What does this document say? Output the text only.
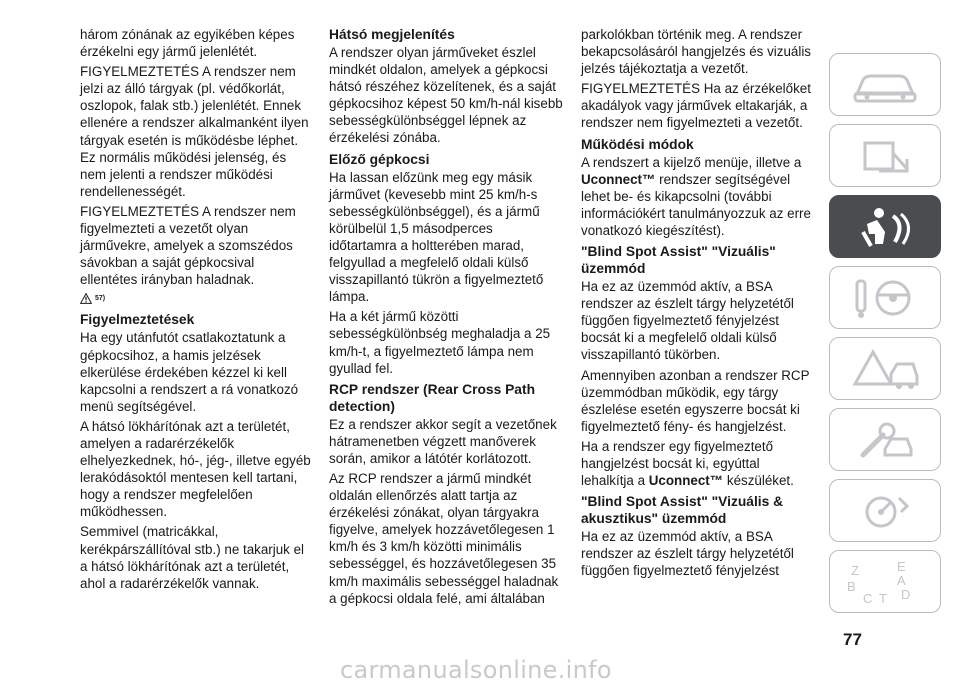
három zónának az egyikében képes érzékelni egy jármű jelenlétét.

FIGYELMEZTETÉS A rendszer nem jelzi az álló tárgyak (pl. védőkorlát, oszlopok, falak stb.) jelenlétét. Ennek ellenére a rendszer alkalmanként ilyen tárgyak esetén is működésbe léphet. Ez normális működési jelenség, és nem jelenti a rendszer működési rendellenességét.

FIGYELMEZTETÉS A rendszer nem figyelmezteti a vezetőt olyan járművekre, amelyek a szomszédos sávokban a saját gépkocsival ellentétes irányban haladnak.

57)
Figyelmeztetések

Ha egy utánfutót csatlakoztatunk a gépkocsihoz, a hamis jelzések elkerülése érdekében kézzel ki kell kapcsolni a rendszert a rá vonatkozó menü segítségével.

A hátsó lökhárítónak azt a területét, amelyen a radarérzékelők elhelyezkednek, hó-, jég-, illetve egyéb lerakódásoktól mentesen kell tartani, hogy a rendszer megfelelően működhessen.

Semmivel (matricákkal, kerékpárszállítóval stb.) ne takarjuk el a hátsó lökhárítónak azt a területét, ahol a radarérzékelők vannak.

Hátsó megjelenítés

A rendszer olyan járműveket észlel mindkét oldalon, amelyek a gépkocsi hátsó részéhez közelítenek, és a saját gépkocsihoz képest 50 km/h-nál kisebb sebességkülönbséggel lépnek az érzékelési zónába.

Előző gépkocsi

Ha lassan előzünk meg egy másik járművet (kevesebb mint 25 km/h-s sebességkülönbséggel), és a jármű körülbelül 1,5 másodperces időtartamra a holtterében marad, felgyullad a megfelelő oldali külső visszapillantó tükrön a figyelmeztető lámpa.

Ha a két jármű közötti sebességkülönbség meghaladja a 25 km/h-t, a figyelmeztető lámpa nem gyullad fel.

RCP rendszer (Rear Cross Path detection)

Ez a rendszer akkor segít a vezetőnek hátramenetben végzett manőverek során, amikor a látótér korlátozott.

Az RCP rendszer a jármű mindkét oldalán ellenőrzés alatt tartja az érzékelési zónákat, olyan tárgyakra figyelve, amelyek hozzávetőlegesen 1 km/h és 3 km/h közötti minimális sebességgel, és hozzávetőlegesen 35 km/h maximális sebességgel haladnak a gépkocsi oldala felé, ami általában

parkolókban történik meg. A rendszer bekapcsolásáról hangjelzés és vizuális jelzés tájékoztatja a vezetőt.

FIGYELMEZTETÉS Ha az érzékelőket akadályok vagy járművek eltakarják, a rendszer nem figyelmezteti a vezetőt.

Működési módok

A rendszert a kijelző menüje, illetve a Uconnect™ rendszer segítségével lehet be- és kikapcsolni (további információkért tanulmányozzuk az erre vonatkozó kiegészítést).

"Blind Spot Assist" "Vizuális" üzemmód

Ha ez az üzemmód aktív, a BSA rendszer az észlelt tárgy helyzetétől függően figyelmeztető fényjelzést bocsát ki a megfelelő oldali külső visszapillantó tükörben.

Amennyiben azonban a rendszer RCP üzemmódban működik, egy tárgy észlelése esetén egyszerre bocsát ki figyelmeztető fény- és hangjelzést.

Ha a rendszer egy figyelmeztető hangjelzést bocsát ki, egyúttal lehalkítja a Uconnect™ készüléket.

"Blind Spot Assist" "Vizuális & akusztikus" üzemmód

Ha ez az üzemmód aktív, a BSA rendszer az észlelt tárgy helyzetétől függően figyelmeztető fényjelzést	Z	E
B
C D
A
T
77
carmanualsonline.info
